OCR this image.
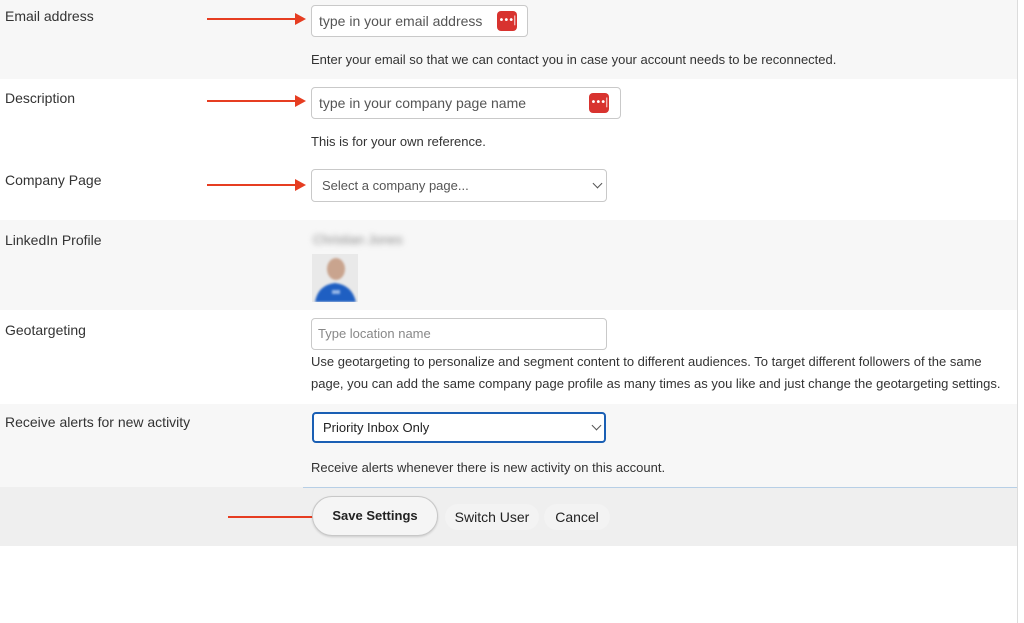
Email address	type in your email address •••|
Enter your email so that we can contact you in case your account needs to be reconnected.
Description	type in your company page name	•••|
This is for your own reference.
Company Page	Select a company page...
LinkedIn Profile	Christian Jones
Geotargeting	Type location name
Use geotargeting to personalize and segment content to different audiences. To target different followers of the same
page, you can add the same company page profile as many times as you like and just change the geotargeting settings.
Receive alerts for new activity	Priority Inbox Only
Receive alerts whenever there is new activity on this account.
Save Settings	Switch User	Cancel
